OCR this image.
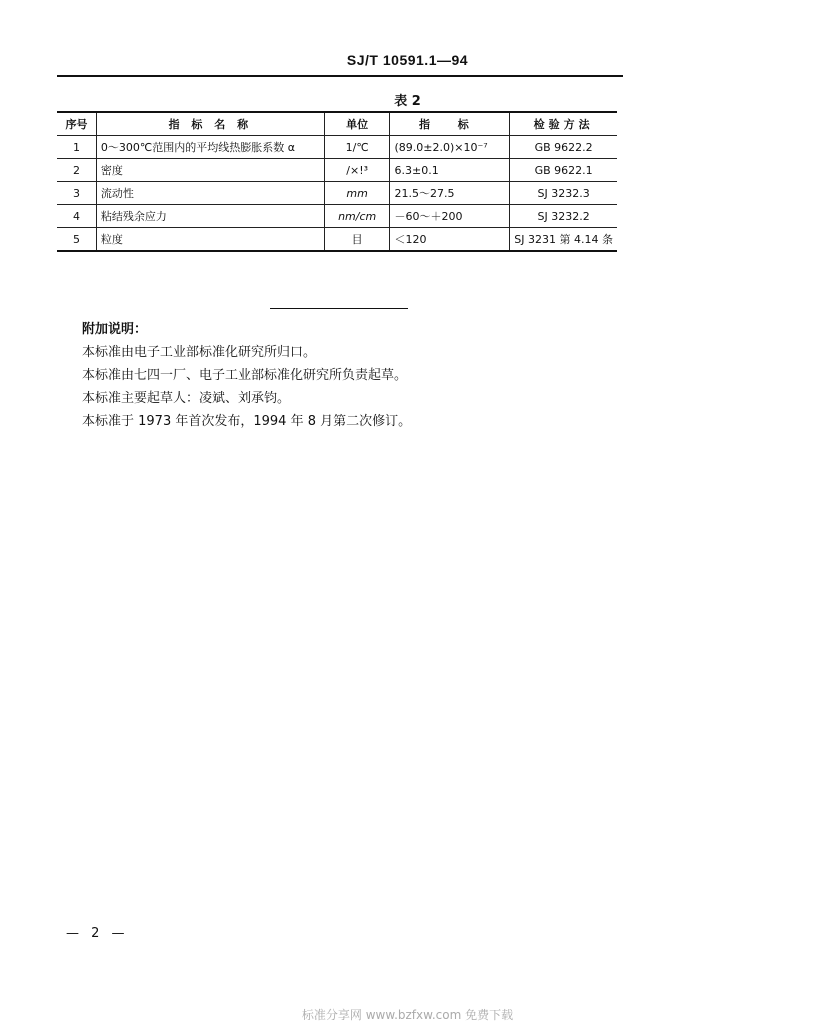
SJ/T 10591.1—94
表 2
序号	指 标 名 称	单位	指 标	检验方法
1	0～300℃范围内的平均线热膨胀系数 α	1/℃	(89.0±2.0)×10⁻⁷	GB 9622.2
2	密度	/×!³	6.3±0.1	GB 9622.1
3	流动性	mm	21.5～27.5	SJ 3232.3
4	粘结残余应力	nm/cm	－60～＋200	SJ 3232.2
5	粒度	目	＜120	SJ 3231 第 4.14 条
附加说明：
本标准由电子工业部标准化研究所归口。
本标准由七四一厂、电子工业部标准化研究所负责起草。
本标准主要起草人：凌斌、刘承钧。
本标准于 1973 年首次发布，1994 年 8 月第二次修订。
— 2 —
标准分享网 www.bzfxw.com 免费下载
